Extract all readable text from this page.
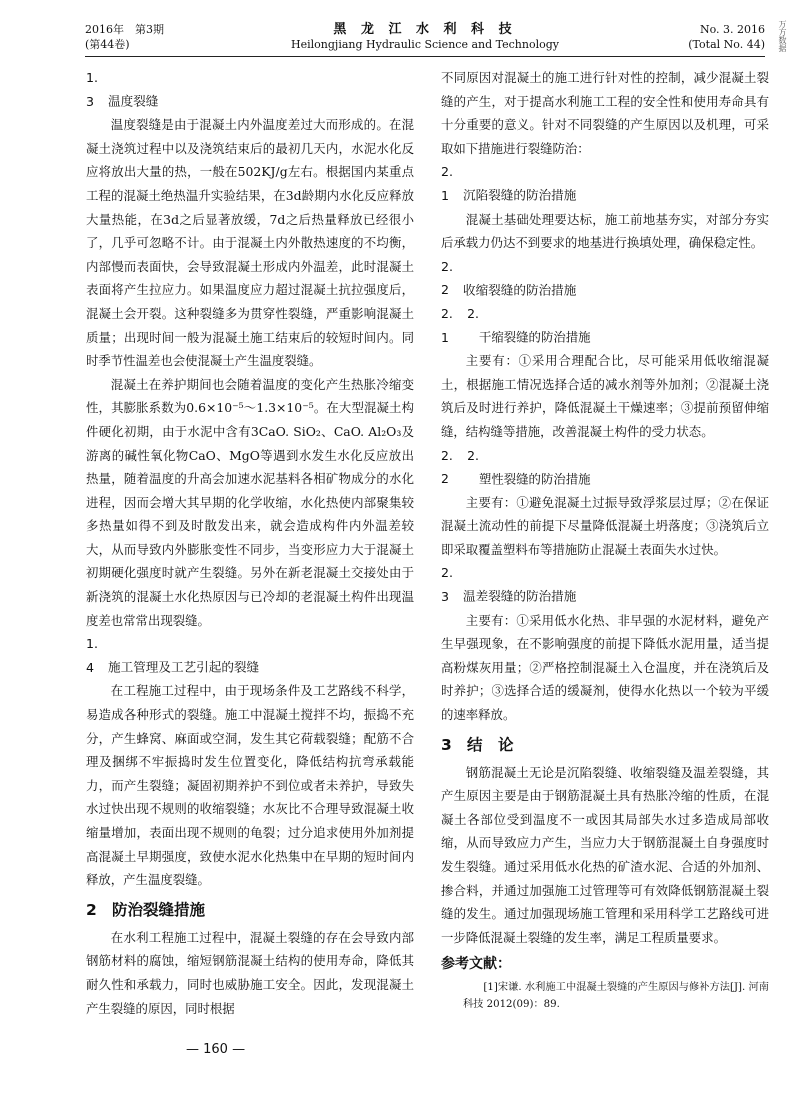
2016年　第3期
(第44卷)
黑 龙 江 水 利 科 技
Heilongjiang Hydraulic Science and Technology
No. 3. 2016
(Total No. 44) 万方数据
1. 3 温度裂缝

温度裂缝是由于混凝土内外温度差过大而形成的。在混凝土浇筑过程中以及浇筑结束后的最初几天内，水泥水化反应将放出大量的热，一般在502KJ/g左右。根据国内某重点工程的混凝土绝热温升实验结果，在3d龄期内水化反应释放大量热能，在3d之后显著放缓，7d之后热量释放已经很小了，几乎可忽略不计。由于混凝土内外散热速度的不均衡，内部慢而表面快，会导致混凝土形成内外温差，此时混凝土表面将产生拉应力。如果温度应力超过混凝土抗拉强度后，混凝土会开裂。这种裂缝多为贯穿性裂缝，严重影响混凝土质量；出现时间一般为混凝土施工结束后的较短时间内。同时季节性温差也会使混凝土产生温度裂缝。

混凝土在养护期间也会随着温度的变化产生热胀冷缩变性，其膨胀系数为0.6×10⁻⁵～1.3×10⁻⁵。在大型混凝土构件硬化初期，由于水泥中含有3CaO. SiO₂、CaO. Al₂O₃及游离的碱性氧化物CaO、MgO等遇到水发生水化反应放出热量，随着温度的升高会加速水泥基料各相矿物成分的水化进程，因而会增大其早期的化学收缩，水化热使内部聚集较多热量如得不到及时散发出来，就会造成构件内外温差较大，从而导致内外膨胀变性不同步，当变形应力大于混凝土初期硬化强度时就产生裂缝。另外在新老混凝土交接处由于新浇筑的混凝土水化热原因与已冷却的老混凝土构件出现温度差也常常出现裂缝。

1. 4 施工管理及工艺引起的裂缝

在工程施工过程中，由于现场条件及工艺路线不科学，易造成各种形式的裂缝。施工中混凝土搅拌不均，振捣不充分，产生蜂窝、麻面或空洞，发生其它荷载裂缝；配筋不合理及捆绑不牢振捣时发生位置变化，降低结构抗弯承载能力，而产生裂缝；凝固初期养护不到位或者未养护，导致失水过快出现不规则的收缩裂缝；水灰比不合理导致混凝土收缩量增加，表面出现不规则的龟裂；过分追求使用外加剂提高混凝土早期强度，致使水泥水化热集中在早期的短时间内释放，产生温度裂缝。

2 防治裂缝措施

在水利工程施工过程中，混凝土裂缝的存在会导致内部钢筋材料的腐蚀，缩短钢筋混凝土结构的使用寿命，降低其耐久性和承载力，同时也威胁施工安全。因此，发现混凝土产生裂缝的原因，同时根据

不同原因对混凝土的施工进行针对性的控制，减少混凝土裂缝的产生，对于提高水利施工工程的安全性和使用寿命具有十分重要的意义。针对不同裂缝的产生原因以及机理，可采取如下措施进行裂缝防治：

2. 1 沉陷裂缝的防治措施

混凝土基础处理要达标，施工前地基夯实，对部分夯实后承载力仍达不到要求的地基进行换填处理，确保稳定性。

2. 2 收缩裂缝的防治措施
2. 2. 1 干缩裂缝的防治措施

主要有：①采用合理配合比，尽可能采用低收缩混凝土，根据施工情况选择合适的减水剂等外加剂；②混凝土浇筑后及时进行养护，降低混凝土干燥速率；③提前预留伸缩缝，结构缝等措施，改善混凝土构件的受力状态。

2. 2. 2 塑性裂缝的防治措施

主要有：①避免混凝土过振导致浮浆层过厚；②在保证混凝土流动性的前提下尽量降低混凝土坍落度；③浇筑后立即采取覆盖塑料布等措施防止混凝土表面失水过快。

2. 3 温差裂缝的防治措施

主要有：①采用低水化热、非早强的水泥材料，避免产生早强现象，在不影响强度的前提下降低水泥用量，适当提高粉煤灰用量；②严格控制混凝土入仓温度，并在浇筑后及时养护；③选择合适的缓凝剂，使得水化热以一个较为平缓的速率释放。

3 结　论

钢筋混凝土无论是沉陷裂缝、收缩裂缝及温差裂缝，其产生原因主要是由于钢筋混凝土具有热胀冷缩的性质，在混凝土各部位受到温度不一或因其局部失水过多造成局部收缩，从而导致应力产生，当应力大于钢筋混凝土自身强度时发生裂缝。通过采用低水化热的矿渣水泥、合适的外加剂、掺合料，并通过加强施工过管理等可有效降低钢筋混凝土裂缝的发生。通过加强现场施工管理和采用科学工艺路线可进一步降低混凝土裂缝的发生率，满足工程质量要求。

参考文献：

[1]宋谦. 水利施工中混凝土裂缝的产生原因与修补方法[J]. 河南科技 2012(09)：89.

— 160 —
